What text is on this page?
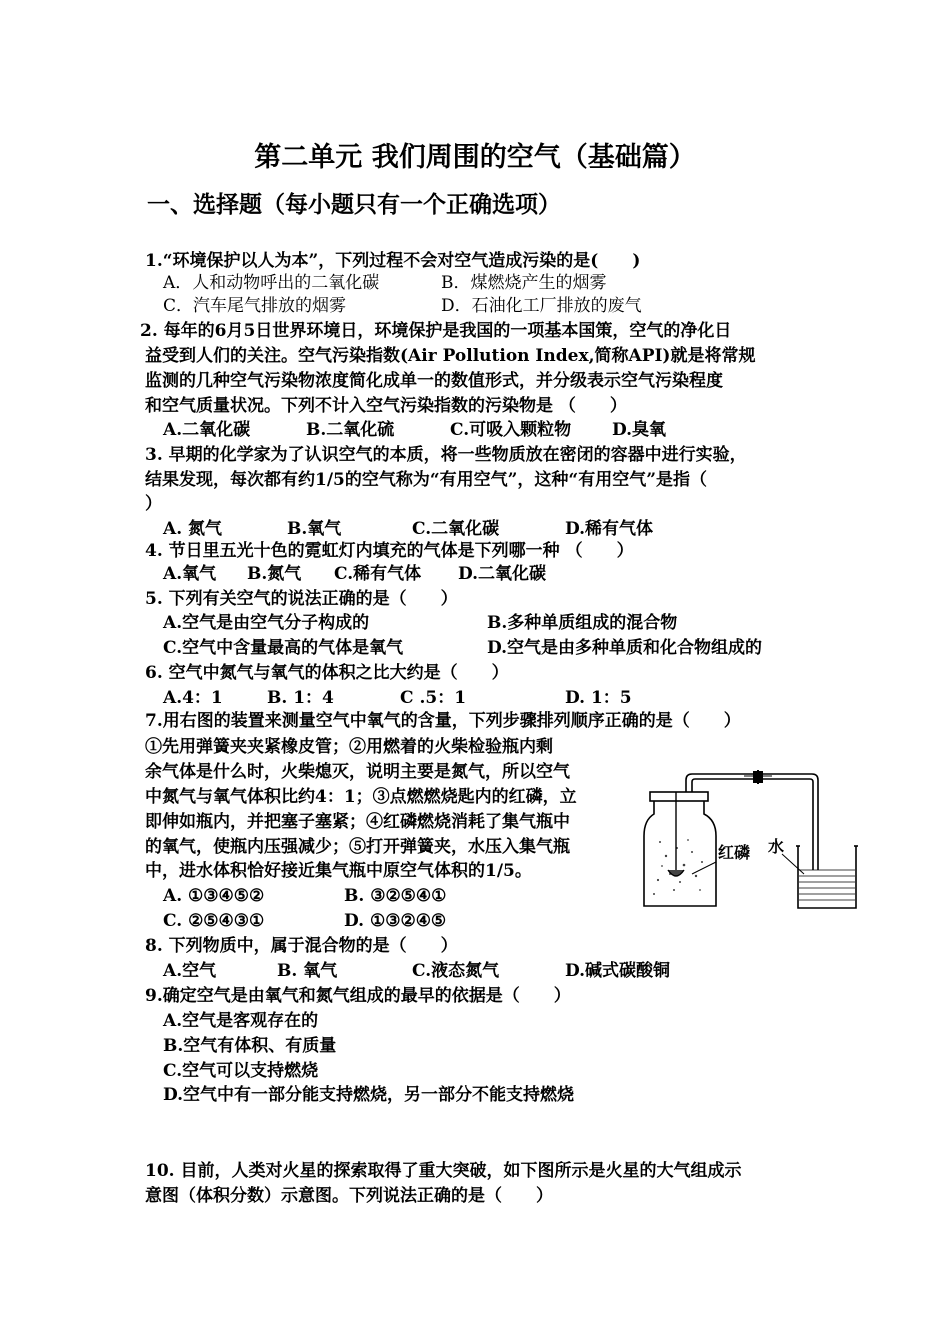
第二单元 我们周围的空气（基础篇）
一、选择题（每小题只有一个正确选项）
1.“环境保护以人为本”，下列过程不会对空气造成污染的是(　　)
A．人和动物呼出的二氧化碳	B．煤燃烧产生的烟雾
C．汽车尾气排放的烟雾	D．石油化工厂排放的废气
2. 每年的6月5日世界环境日，环境保护是我国的一项基本国策，空气的净化日
益受到人们的关注。空气污染指数(Air Pollution Index,简称API)就是将常规
监测的几种空气污染物浓度简化成单一的数值形式，并分级表示空气污染程度
和空气质量状况。下列不计入空气污染指数的污染物是 （　　）
A.二氧化碳	B.二氧化硫	C.可吸入颗粒物 D.臭氧
3. 早期的化学家为了认识空气的本质，将一些物质放在密闭的容器中进行实验，
结果发现，每次都有约1/5的空气称为“有用空气”，这种“有用空气”是指（
）
A. 氮气	B.氧气	C.二氧化碳	D.稀有气体
4. 节日里五光十色的霓虹灯内填充的气体是下列哪一种 （　　）
A.氧气 B.氮气 C.稀有气体 D.二氧化碳
5. 下列有关空气的说法正确的是（　　）
A.空气是由空气分子构成的	B.多种单质组成的混合物
C.空气中含量最高的气体是氧气	D.空气是由多种单质和化合物组成的
6. 空气中氮气与氧气的体积之比大约是（　　）
A.4：1	B. 1：4	C .5：1	D. 1：5
7.用右图的装置来测量空气中氧气的含量，下列步骤排列顺序正确的是（　　）
①先用弹簧夹夹紧橡皮管；②用燃着的火柴检验瓶内剩
余气体是什么时，火柴熄灭，说明主要是氮气，所以空气
中氮气与氧气体积比约4：1；③点燃燃烧匙内的红磷，立
即伸如瓶内，并把塞子塞紧；④红磷燃烧消耗了集气瓶中
的氧气，使瓶内压强减少；⑤打开弹簧夹，水压入集气瓶
中，进水体积恰好接近集气瓶中原空气体积的1/5。
A. ①③④⑤②	B. ③②⑤④①
C. ②⑤④③①	D. ①③②④⑤
红磷 水
8. 下列物质中，属于混合物的是（　　）
A.空气	B. 氧气	C.液态氮气	D.碱式碳酸铜
9.确定空气是由氧气和氮气组成的最早的依据是（　　）
A.空气是客观存在的
B.空气有体积、有质量
C.空气可以支持燃烧
D.空气中有一部分能支持燃烧，另一部分不能支持燃烧
10. 目前，人类对火星的探索取得了重大突破，如下图所示是火星的大气组成示
意图（体积分数）示意图。下列说法正确的是（　　）
